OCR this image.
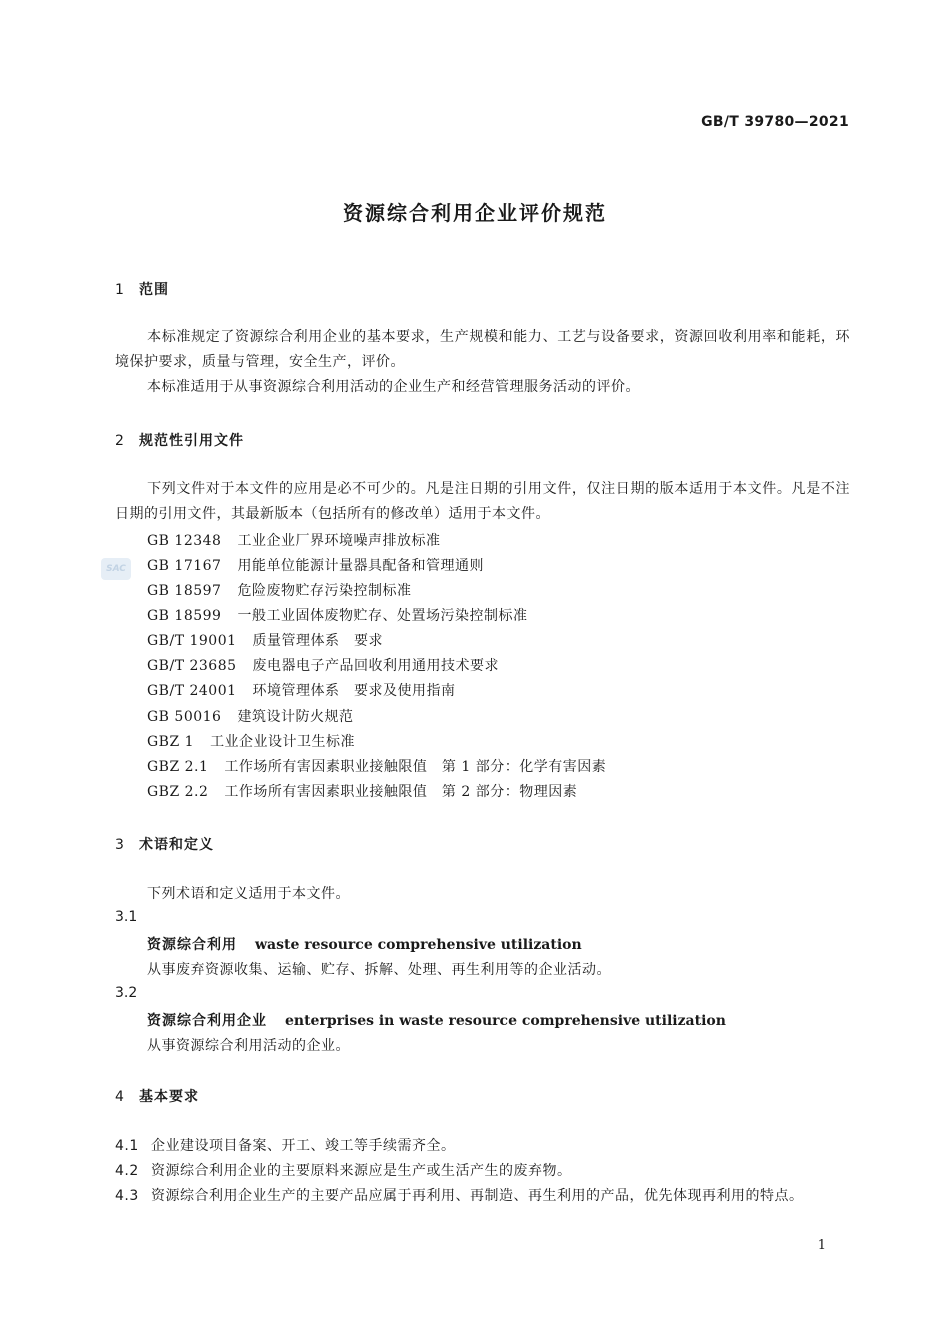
GB/T 39780—2021
资源综合利用企业评价规范
1 范围
本标准规定了资源综合利用企业的基本要求，生产规模和能力、工艺与设备要求，资源回收利用率和能耗，环境保护要求，质量与管理，安全生产，评价。
本标准适用于从事资源综合利用活动的企业生产和经营管理服务活动的评价。
2 规范性引用文件
下列文件对于本文件的应用是必不可少的。凡是注日期的引用文件，仅注日期的版本适用于本文件。凡是不注日期的引用文件，其最新版本（包括所有的修改单）适用于本文件。
SAC
GB 12348 工业企业厂界环境噪声排放标准
GB 17167 用能单位能源计量器具配备和管理通则
GB 18597 危险废物贮存污染控制标准
GB 18599 一般工业固体废物贮存、处置场污染控制标准
GB/T 19001 质量管理体系　要求
GB/T 23685 废电器电子产品回收利用通用技术要求
GB/T 24001 环境管理体系　要求及使用指南
GB 50016 建筑设计防火规范
GBZ 1 工业企业设计卫生标准
GBZ 2.1 工作场所有害因素职业接触限值　第 1 部分：化学有害因素
GBZ 2.2 工作场所有害因素职业接触限值　第 2 部分：物理因素
3 术语和定义
下列术语和定义适用于本文件。
3.1
资源综合利用 waste resource comprehensive utilization
从事废弃资源收集、运输、贮存、拆解、处理、再生利用等的企业活动。
3.2
资源综合利用企业 enterprises in waste resource comprehensive utilization
从事资源综合利用活动的企业。
4 基本要求
4.1 企业建设项目备案、开工、竣工等手续需齐全。
4.2 资源综合利用企业的主要原料来源应是生产或生活产生的废弃物。
4.3 资源综合利用企业生产的主要产品应属于再利用、再制造、再生利用的产品，优先体现再利用的特点。
1
